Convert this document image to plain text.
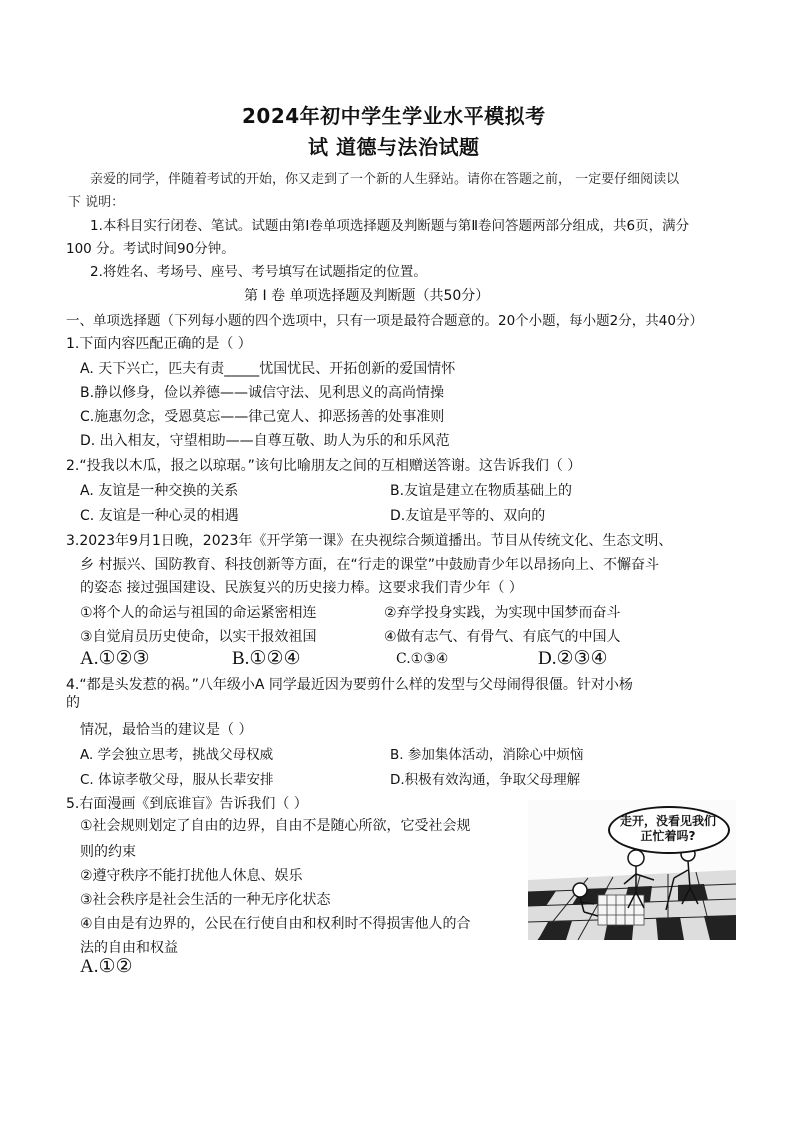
2024年初中学生学业水平模拟考
试 道德与法治试题
亲爱的同学，伴随着考试的开始，你又走到了一个新的人生驿站。请你在答题之前， 一定要仔细阅读以
下 说明：
1.本科目实行闭卷、笔试。试题由第Ⅰ卷单项选择题及判断题与第Ⅱ卷问答题两部分组成，共6页，满分
100 分。考试时间90分钟。
2.将姓名、考场号、座号、考号填写在试题指定的位置。
第 Ⅰ 卷 单项选择题及判断题（共50分）
一、单项选择题（下列每小题的四个选项中，只有一项是最符合题意的。20个小题，每小题2分，共40分）
1.下面内容匹配正确的是（ ）
A. 天下兴亡，匹夫有责_____忧国忧民、开拓创新的爱国情怀
B.静以修身，俭以养德——诚信守法、见利思义的高尚情操
C.施惠勿念，受恩莫忘——律己宽人、抑恶扬善的处事准则
D. 出入相友，守望相助——自尊互敬、助人为乐的和乐风范
2.“投我以木瓜，报之以琼琚。”该句比喻朋友之间的互相赠送答谢。这告诉我们（ ）
A. 友谊是一种交换的关系	B.友谊是建立在物质基础上的
C. 友谊是一种心灵的相遇	D.友谊是平等的、双向的
3.2023年9月1日晚，2023年《开学第一课》在央视综合频道播出。节目从传统文化、生态文明、
乡 村振兴、国防教育、科技创新等方面，在“行走的课堂”中鼓励青少年以昂扬向上、不懈奋斗
的姿态 接过强国建设、民族复兴的历史接力棒。这要求我们青少年（ ）
①将个人的命运与祖国的命运紧密相连	②弃学投身实践，为实现中国梦而奋斗
③自觉肩员历史使命，以实干报效祖国	④做有志气、有骨气、有底气的中国人
A.①②③	B.①②④	C.①③④	D.②③④
4.“都是头发惹的祸。”八年级小A 同学最近因为要剪什么样的发型与父母闹得很僵。针对小杨
的
情况，最恰当的建议是（ ）
A. 学会独立思考，挑战父母权威	B. 参加集体活动，消除心中烦恼
C. 体谅孝敬父母，服从长辈安排	D.积极有效沟通，争取父母理解
5.右面漫画《到底谁盲》告诉我们（ ）
①社会规则划定了自由的边界，自由不是随心所欲，它受社会规
则的约束
②遵守秩序不能打扰他人休息、娱乐
③社会秩序是社会生活的一种无序化状态
④自由是有边界的，公民在行使自由和权利时不得损害他人的合
法的自由和权益
A.①②
走开，没看见我们正忙着吗?
